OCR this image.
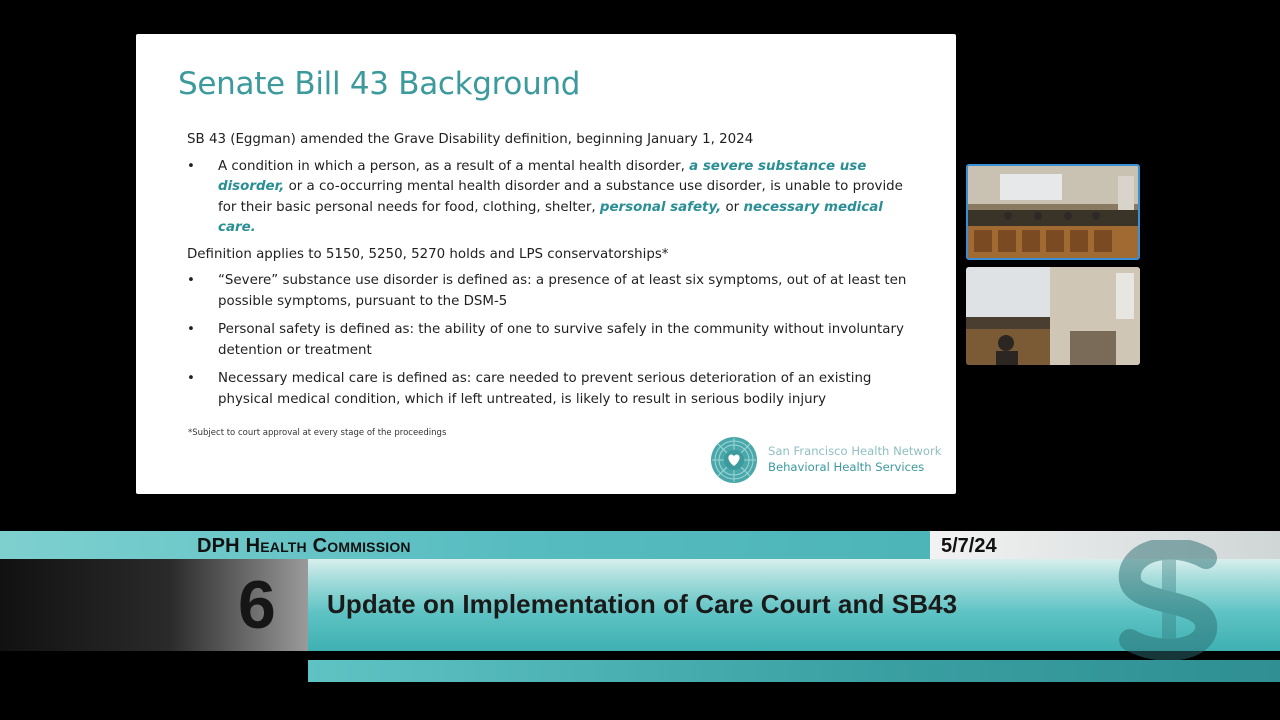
Senate Bill 43 Background

SB 43 (Eggman) amended the Grave Disability definition, beginning January 1, 2024

• A condition in which a person, as a result of a mental health disorder, a severe substance use disorder, or a co-occurring mental health disorder and a substance use disorder, is unable to provide for their basic personal needs for food, clothing, shelter, personal safety, or necessary medical care.

Definition applies to 5150, 5250, 5270 holds and LPS conservatorships*

• “Severe” substance use disorder is defined as: a presence of at least six symptoms, out of at least ten possible symptoms, pursuant to the DSM-5
• Personal safety is defined as: the ability of one to survive safely in the community without involuntary detention or treatment
• Necessary medical care is defined as: care needed to prevent serious deterioration of an existing physical medical condition, which if left untreated, is likely to result in serious bodily injury
*Subject to court approval at every stage of the proceedings
San Francisco Health Network
Behavioral Health Services
DPH Health Commission	5/7/24
6 Update on Implementation of Care Court and SB43
